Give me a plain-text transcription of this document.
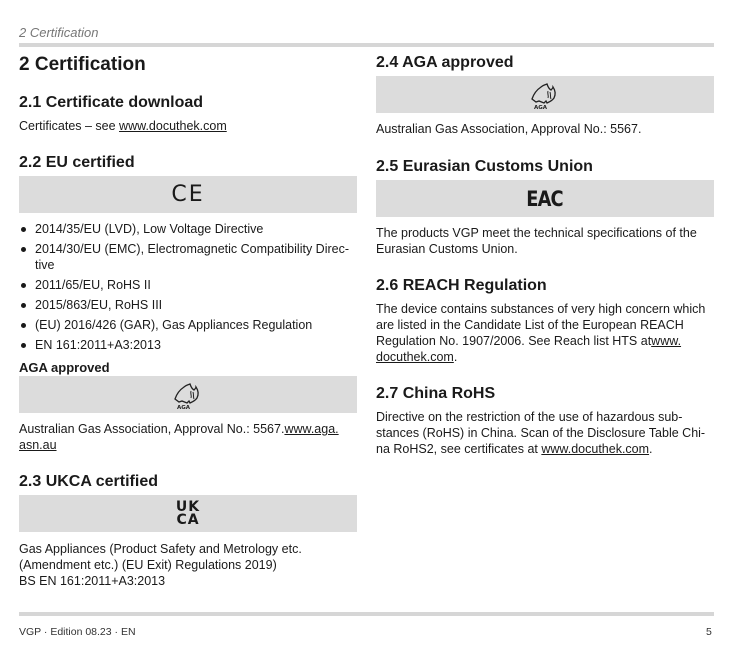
2 Certification
2 Certification
2.1 Certificate download

Certificates – see www.docuthek.com

2.2 EU certified
CE
2014/35/EU (LVD), Low Voltage Directive
2014/30/EU (EMC), Electromagnetic Compatibility Direc-tive
2011/65/EU, RoHS II
2015/863/EU, RoHS III
(EU) 2016/426 (GAR), Gas Appliances Regulation
EN 161:2011+A3:2013
AGA approved
AGA

Australian Gas Association, Approval No.: 5567.www.aga.
asn.au

2.3 UKCA certified
UK
CA

Gas Appliances (Product Safety and Metrology etc.
(Amendment etc.) (EU Exit) Regulations 2019)
BS EN 161:2011+A3:2013

2.4 AGA approved
AGA

Australian Gas Association, Approval No.: 5567.

2.5 Eurasian Customs Union
EAC

The products VGP meet the technical specifications of the
Eurasian Customs Union.

2.6 REACH Regulation

The device contains substances of very high concern which
are listed in the Candidate List of the European REACH
Regulation No. 1907/2006. See Reach list HTS atwww.
docuthek.com.

2.7 China RoHS

Directive on the restriction of the use of hazardous sub-
stances (RoHS) in China. Scan of the Disclosure Table Chi-
na RoHS2, see certificates at www.docuthek.com.

VGP · Edition 08.23 · EN	5
